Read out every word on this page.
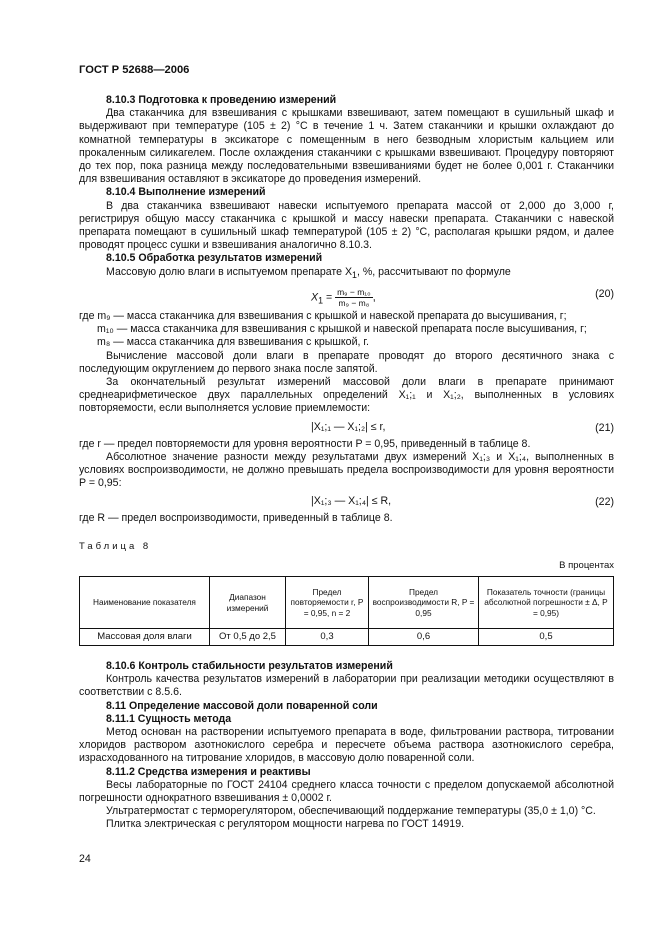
ГОСТ Р 52688—2006

8.10.3 Подготовка к проведению измерений

Два стаканчика для взвешивания с крышками взвешивают, затем помещают в сушильный шкаф и выдерживают при температуре (105 ± 2) °С в течение 1 ч. Затем стаканчики и крышки охлаждают до комнатной температуры в эксикаторе с помещенным в него безводным хлористым кальцием или прокаленным силикагелем. После охлаждения стаканчики с крышками взвешивают. Процедуру повторяют до тех пор, пока разница между последовательными взвешиваниями будет не более 0,001 г. Стаканчики для взвешивания оставляют в эксикаторе до проведения измерений.

8.10.4 Выполнение измерений

В два стаканчика взвешивают навески испытуемого препарата массой от 2,000 до 3,000 г, регистрируя общую массу стаканчика с крышкой и массу навески препарата. Стаканчики с навеской препарата помещают в сушильный шкаф температурой (105 ± 2) °С, располагая крышки рядом, и далее проводят процесс сушки и взвешивания аналогично 8.10.3.

8.10.5 Обработка результатов измерений

Массовую долю влаги в испытуемом препарате $X_1$, %, рассчитывают по формуле

$X_1 = \frac{\text{m₉ − m₁₀}}{\text{m₉ − m₈}}$ ,	(20)

где m₉ — масса стаканчика для взвешивания с крышкой и навеской препарата до высушивания, г;

m₁₀ — масса стаканчика для взвешивания с крышкой и навеской препарата после высушивания, г;

m₈ — масса стаканчика для взвешивания с крышкой, г.

Вычисление массовой доли влаги в препарате проводят до второго десятичного знака с последующим округлением до первого знака после запятой.

За окончательный результат измерений массовой доли влаги в препарате принимают среднеарифметическое двух параллельных определений X₁;₁ и X₁;₂, выполненных в условиях повторяемости, если выполняется условие приемлемости:

|X₁;₁ — X₁;₂| ≤ r,	(21)

где r — предел повторяемости для уровня вероятности P = 0,95, приведенный в таблице 8.

Абсолютное значение разности между результатами двух измерений X₁;₃ и X₁;₄, выполненных в условиях воспроизводимости, не должно превышать предела воспроизводимости для уровня вероятности P = 0,95:

|X₁;₃ — X₁;₄| ≤ R,	(22)

где R — предел воспроизводимости, приведенный в таблице 8.

Таблица 8
В процентах
Наименование показателя	Диапазон измерений	Предел повторяемости r, P = 0,95, n = 2	Предел воспроизводимости R, P = 0,95	Показатель точности (границы абсолютной погрешности ± Δ, P = 0,95)
Массовая доля влаги	От 0,5 до 2,5	0,3	0,6	0,5

8.10.6 Контроль стабильности результатов измерений

Контроль качества результатов измерений в лаборатории при реализации методики осуществляют в соответствии с 8.5.6.

8.11 Определение массовой доли поваренной соли

8.11.1 Сущность метода

Метод основан на растворении испытуемого препарата в воде, фильтровании раствора, титровании хлоридов раствором азотнокислого серебра и пересчете объема раствора азотнокислого серебра, израсходованного на титрование хлоридов, в массовую долю поваренной соли.

8.11.2 Средства измерения и реактивы

Весы лабораторные по ГОСТ 24104 среднего класса точности с пределом допускаемой абсолютной погрешности однократного взвешивания ± 0,0002 г.

Ультратермостат с терморегулятором, обеспечивающий поддержание температуры (35,0 ± 1,0) °С.

Плитка электрическая с регулятором мощности нагрева по ГОСТ 14919.

24
